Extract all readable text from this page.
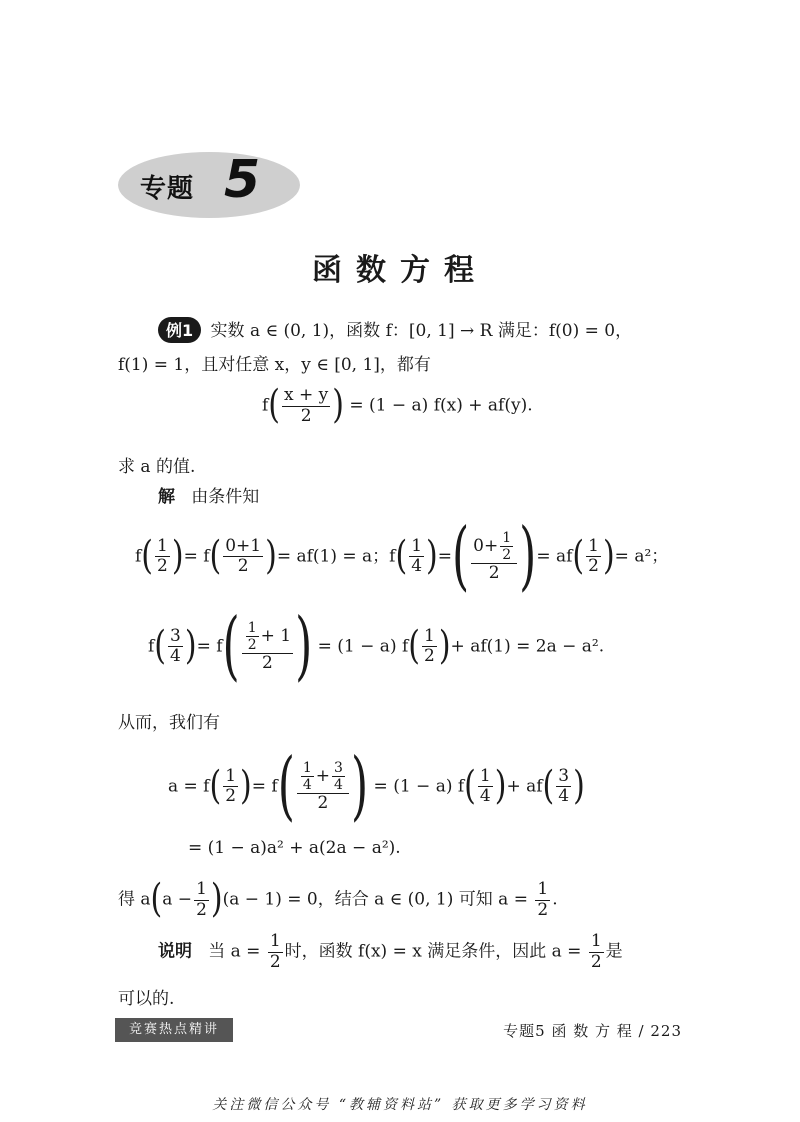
专题 5
函数方程
例1 实数 a ∈ (0, 1)，函数 f：[0, 1] → R 满足：f(0) = 0，
f(1) = 1，且对任意 x，y ∈ [0, 1]，都有
$f( \frac{x + y}{2}$ ) = (1 − a) f(x) + af(y).
求 a 的值.
解 由条件知
$f( \frac{1}{2}$ )= $f( \frac{0+1}{2}$ )= af(1) = a；$f( \frac{1}{4}$ )=( $\frac{0+ \frac{1}{2}}{2}$ )= $af( \frac{1}{2}$ )= a²；
$f( \frac{3}{4}$ )= $f( \frac{\frac{1}{2} + 1}{2}$ ) = (1 − a) $f( \frac{1}{2}$ )+ af(1) = 2a − a².
从而，我们有
$a = f( \frac{1}{2}$ )= $f( \frac{\frac{1}{4} + \frac{3}{4}}{2}$ ) = (1 − a) $f( \frac{1}{4}$ )+ $af( \frac{3}{4}$ )
= (1 − a)a² + a(2a − a²).
得 $a(a - \frac{1}{2} )(a - 1) = 0$，结合 a ∈ (0, 1) 可知 $a = \frac{1}{2}$ .
说明 当 $a = \frac{1}{2}$ 时，函数 f(x) = x 满足条件，因此 $a = \frac{1}{2}$ 是
可以的.
竞赛热点精讲	专题5 函 数 方 程 / 223
关注微信公众号 “教辅资料站” 获取更多学习资料
